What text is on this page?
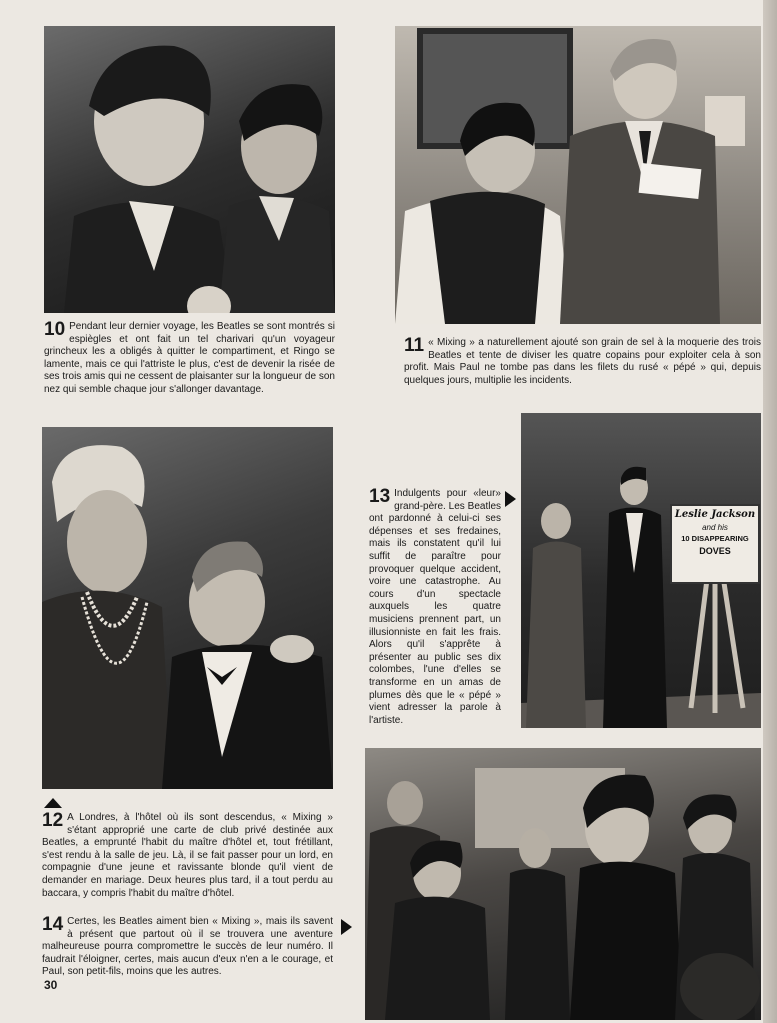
10 Pendant leur dernier voyage, les Beatles se sont montrés si espiègles et ont fait un tel charivari qu'un voyageur grincheux les a obligés à quitter le compartiment, et Ringo se lamente, mais ce qui l'attriste le plus, c'est de devenir la risée de ses trois amis qui ne cessent de plaisanter sur la longueur de son nez qui semble chaque jour s'allonger davantage.

11 « Mixing » a naturellement ajouté son grain de sel à la moquerie des trois Beatles et tente de diviser les quatre copains pour exploiter cela à son profit. Mais Paul ne tombe pas dans les filets du rusé « pépé » qui, depuis quelques jours, multiplie les incidents.

13 Indulgents pour «leur» grand-père. Les Beatles ont pardonné à celui-ci ses dépenses et ses fredaines, mais ils constatent qu'il lui suffit de paraître pour provoquer quelque accident, voire une catastrophe. Au cours d'un spectacle auxquels les quatre musiciens prennent part, un illusionniste en fait les frais. Alors qu'il s'apprête à présenter au public ses dix colombes, l'une d'elles se transforme en un amas de plumes dès que le « pépé » vient adresser la parole à l'artiste.

Leslie Jackson
and his
10 DISAPPEARING
DOVES

12 A Londres, à l'hôtel où ils sont descendus, « Mixing » s'étant approprié une carte de club privé destinée aux Beatles, a emprunté l'habit du maître d'hôtel et, tout frétillant, s'est rendu à la salle de jeu. Là, il se fait passer pour un lord, en compagnie d'une jeune et ravissante blonde qu'il vient de demander en mariage. Deux heures plus tard, il a tout perdu au baccara, y compris l'habit du maître d'hôtel.

14 Certes, les Beatles aiment bien « Mixing », mais ils savent à présent que partout où il se trouvera une aventure malheureuse pourra compromettre le succès de leur numéro. Il faudrait l'éloigner, certes, mais aucun d'eux n'en a le courage, et Paul, son petit-fils, moins que les autres.

30
